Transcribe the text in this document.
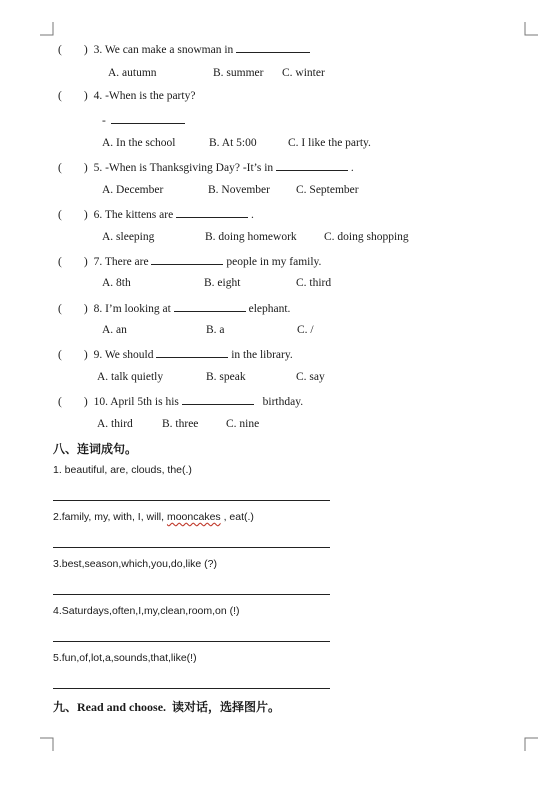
( ) 3. We can make a snowman in
A. autumn	B. summer C. winter
( ) 4. -When is the party?
-
A. In the school	B. At 5:00	C. I like the party.
( ) 5. -When is Thanksgiving Day? -It’s in	.
A. December	B. November C. September
( ) 6. The kittens are	.
A. sleeping	B. doing homework C. doing shopping
( ) 7. There are	people in my family.
A. 8th	B. eight	C. third
( ) 8. I’m looking at	elephant.
A. an	B. a	C. /
( ) 9. We should	in the library.
A. talk quietly	B. speak	C. say
( ) 10. April 5th is his	birthday.
A. third	B. three C. nine
八、连词成句。
1. beautiful, are, clouds, the(.)
2.family, my, with, I, will, mooncakes , eat(.)
3.best,season,which,you,do,like (?)
4.Saturdays,often,I,my,clean,room,on (!)
5.fun,of,lot,a,sounds,that,like(!)
九、Read and choose. 读对话，选择图片。
